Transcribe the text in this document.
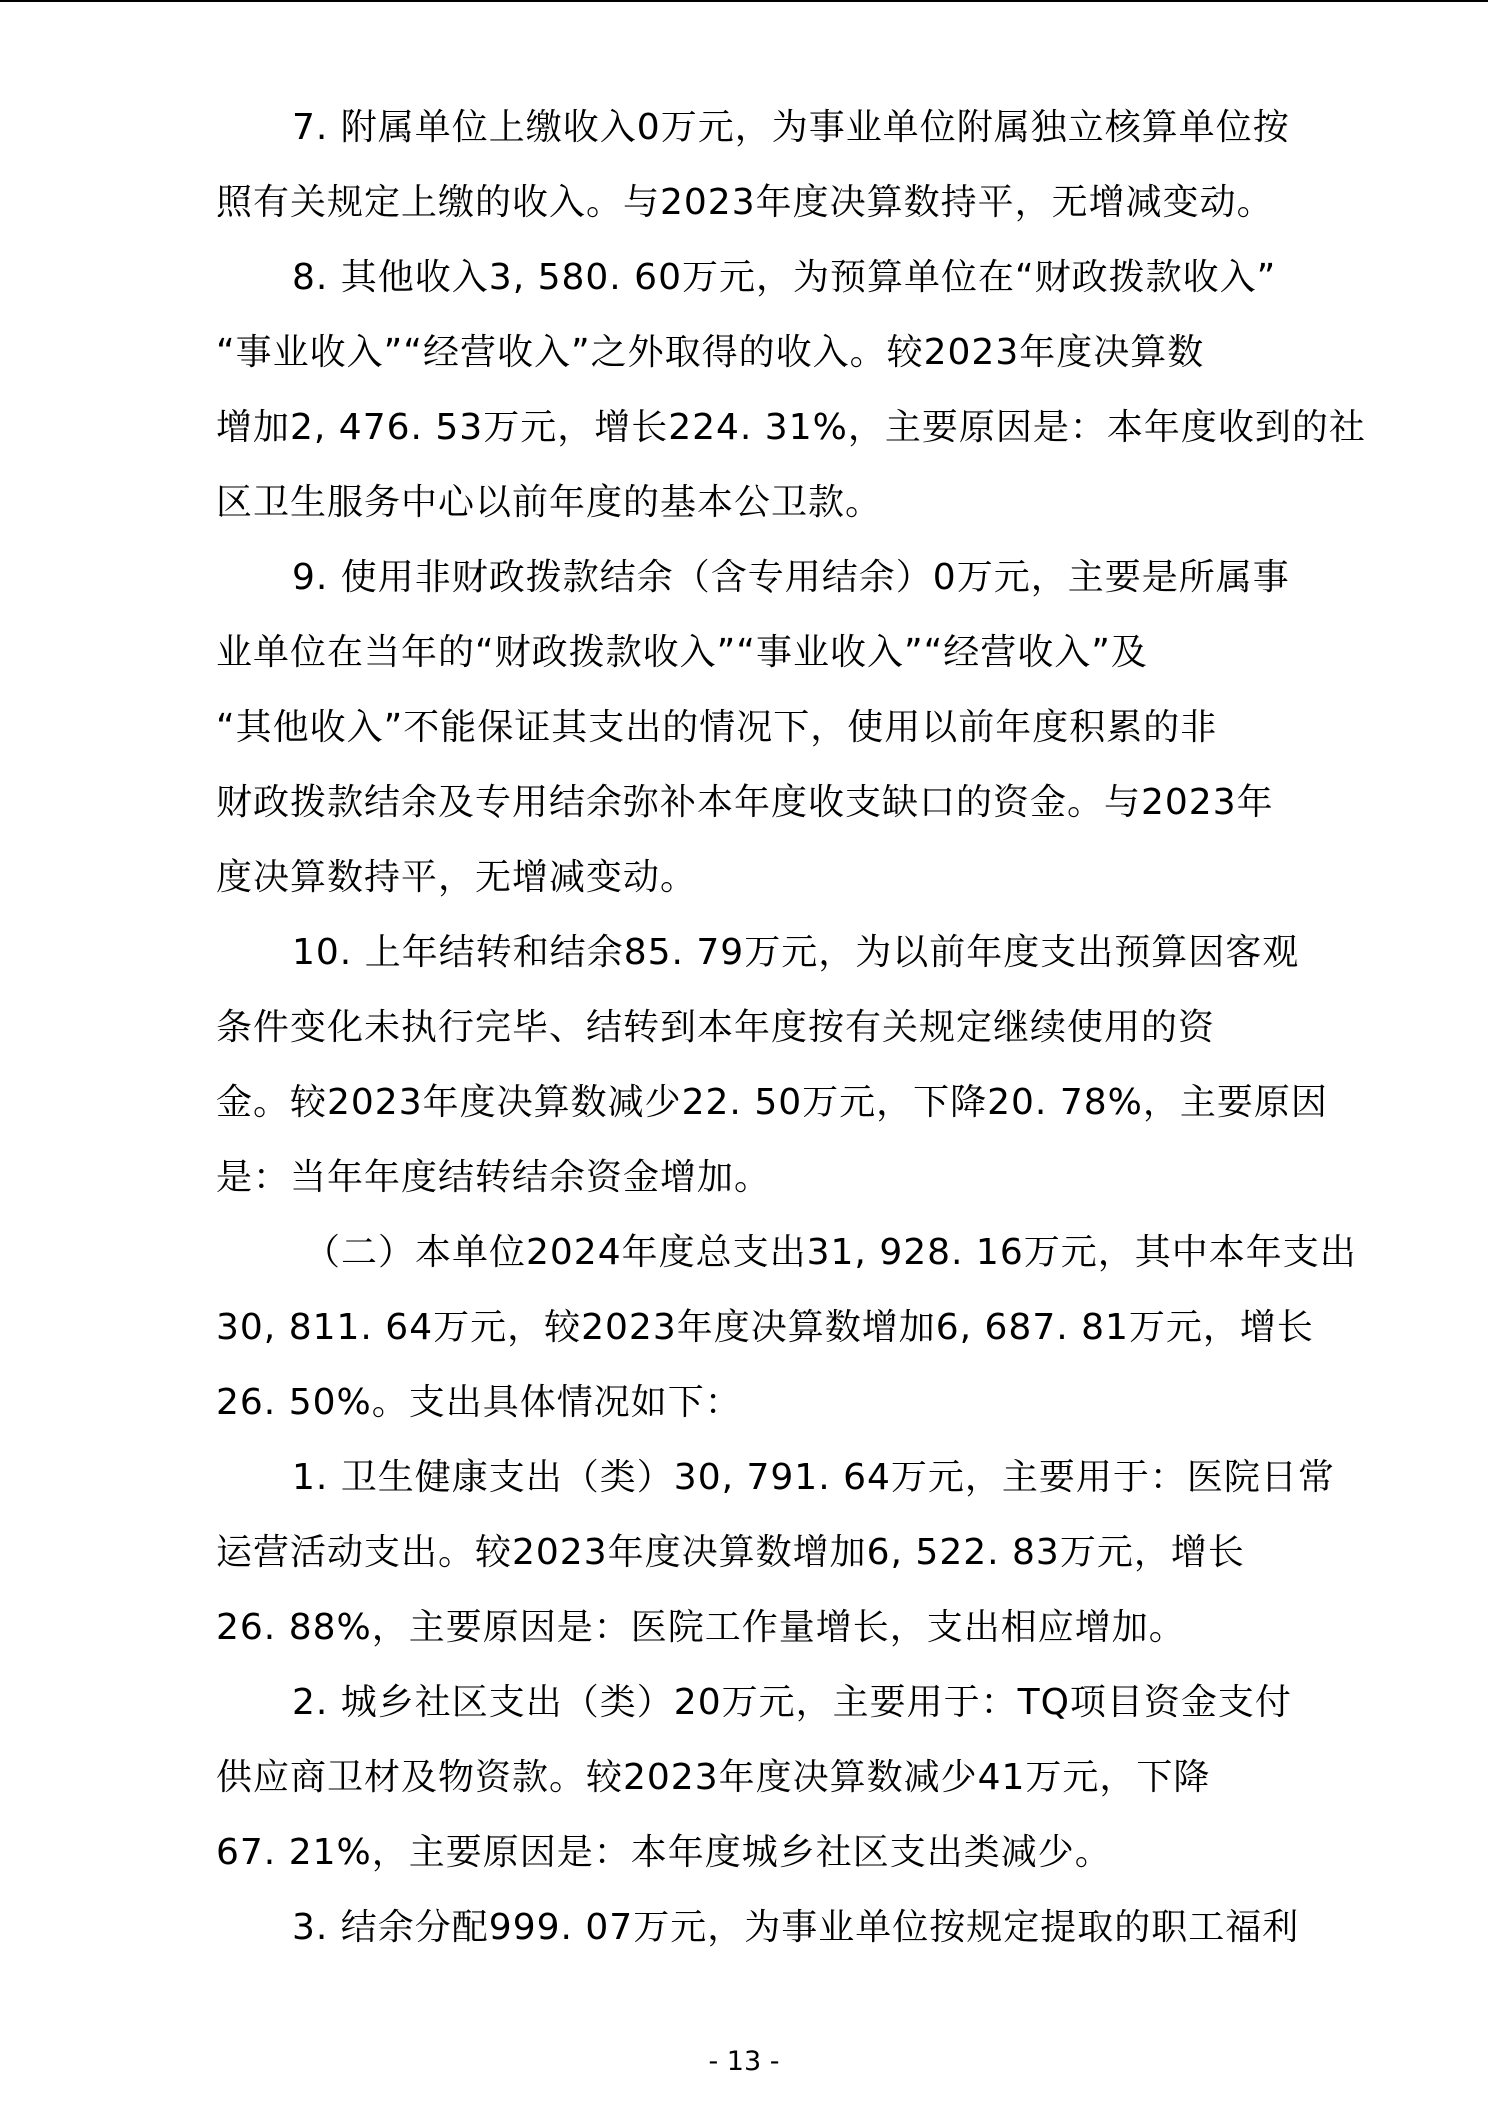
7. 附属单位上缴收入0万元，为事业单位附属独立核算单位按
照有关规定上缴的收入。与2023年度决算数持平，无增减变动。
8. 其他收入3, 580. 60万元，为预算单位在“财政拨款收入”
“事业收入”“经营收入”之外取得的收入。较2023年度决算数
增加2, 476. 53万元，增长224. 31%，主要原因是：本年度收到的社
区卫生服务中心以前年度的基本公卫款。
9. 使用非财政拨款结余（含专用结余）0万元，主要是所属事
业单位在当年的“财政拨款收入”“事业收入”“经营收入”及
“其他收入”不能保证其支出的情况下，使用以前年度积累的非
财政拨款结余及专用结余弥补本年度收支缺口的资金。与2023年
度决算数持平，无增减变动。
10. 上年结转和结余85. 79万元，为以前年度支出预算因客观
条件变化未执行完毕、结转到本年度按有关规定继续使用的资
金。较2023年度决算数减少22. 50万元，下降20. 78%，主要原因
是：当年年度结转结余资金增加。
（二）本单位2024年度总支出31, 928. 16万元，其中本年支出
30, 811. 64万元，较2023年度决算数增加6, 687. 81万元，增长
26. 50%。支出具体情况如下：
1. 卫生健康支出（类）30, 791. 64万元，主要用于：医院日常
运营活动支出。较2023年度决算数增加6, 522. 83万元，增长
26. 88%，主要原因是：医院工作量增长，支出相应增加。
2. 城乡社区支出（类）20万元，主要用于：TQ项目资金支付
供应商卫材及物资款。较2023年度决算数减少41万元，下降
67. 21%，主要原因是：本年度城乡社区支出类减少。
3. 结余分配999. 07万元，为事业单位按规定提取的职工福利
- 13 -
